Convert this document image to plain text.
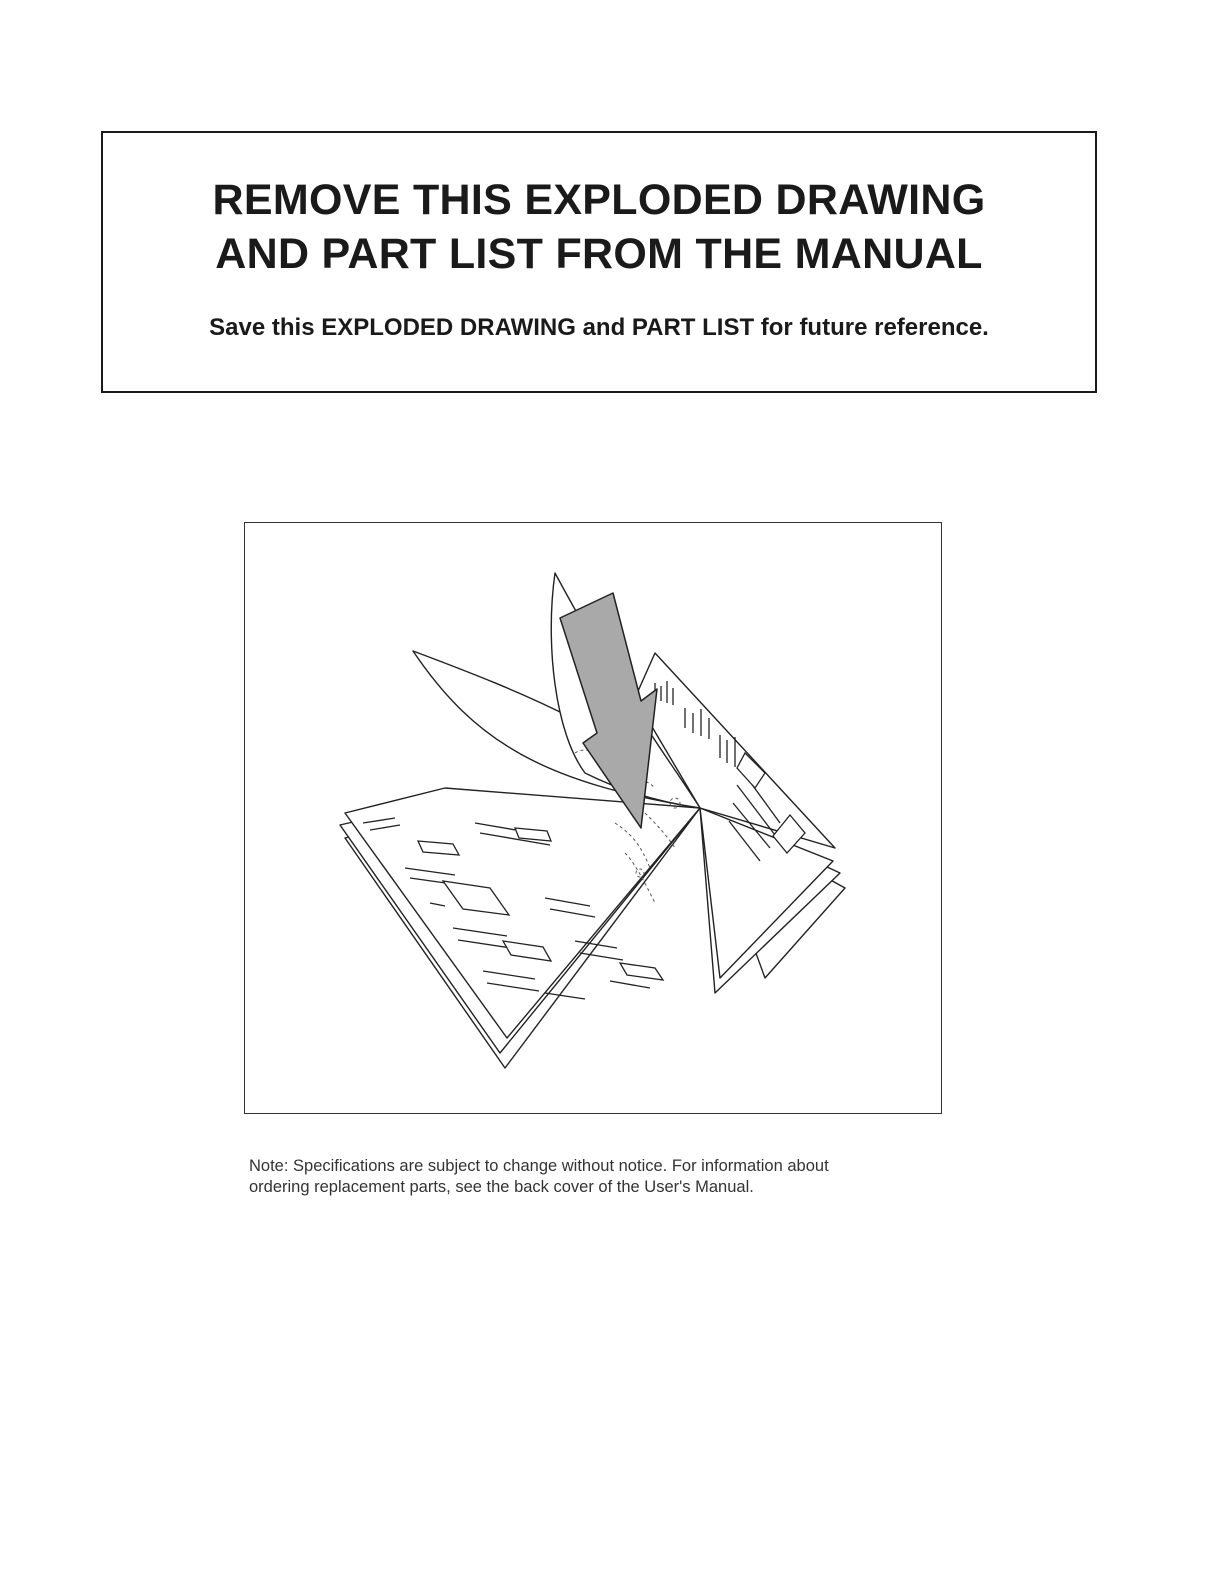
REMOVE THIS EXPLODED DRAWING
AND PART LIST FROM THE MANUAL
Save this EXPLODED DRAWING and PART LIST for future reference.
Note: Specifications are subject to change without notice. For information about
ordering replacement parts, see the back cover of the User's Manual.
